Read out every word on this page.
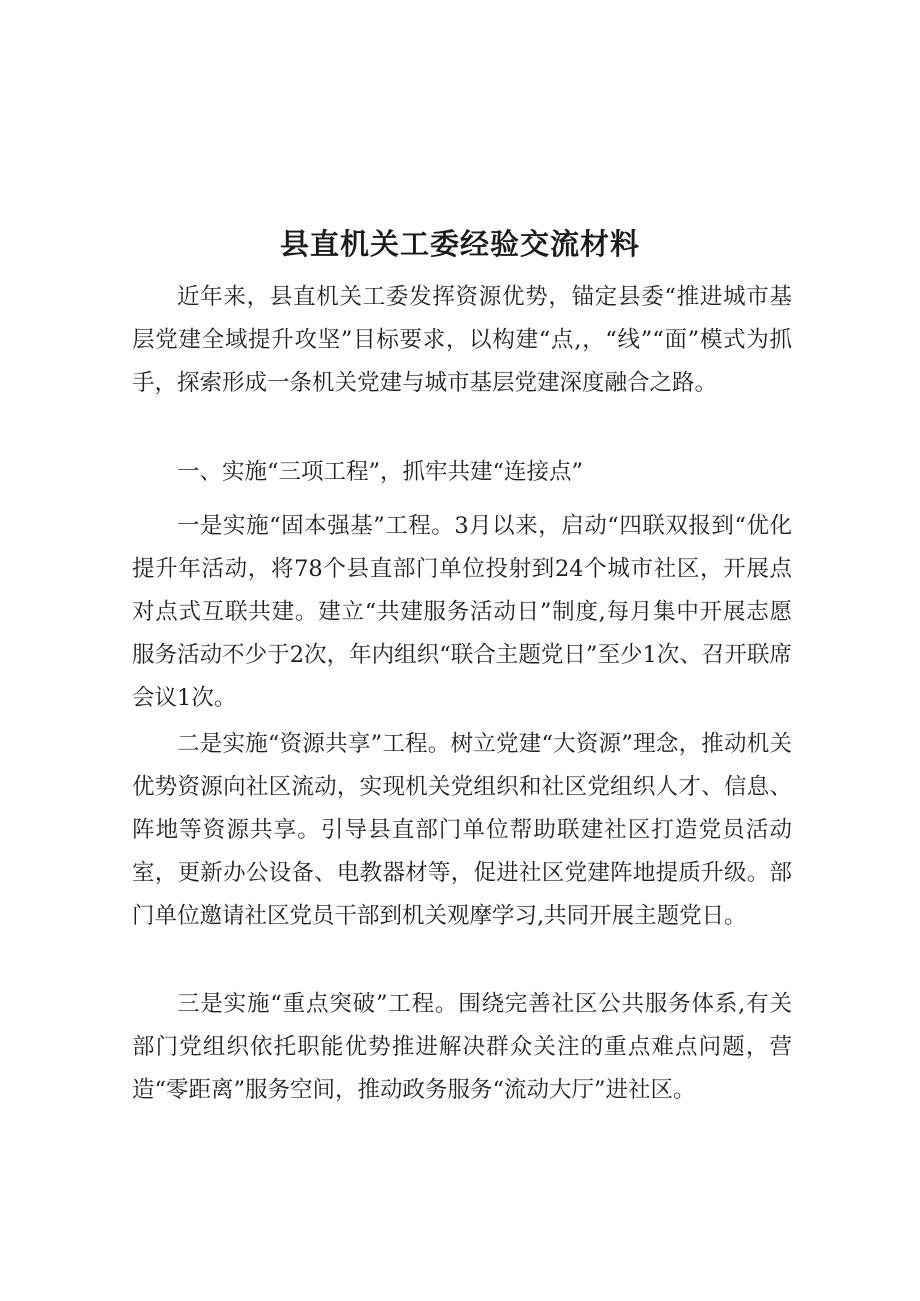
县直机关工委经验交流材料

近年来，县直机关工委发挥资源优势，锚定县委“推进城市基层党建全域提升攻坚”目标要求，以构建“点,，“线”“面”模式为抓手，探索形成一条机关党建与城市基层党建深度融合之路。

一、实施“三项工程”，抓牢共建“连接点”

一是实施“固本强基”工程。3月以来，启动“四联双报到“优化提升年活动，将78个县直部门单位投射到24个城市社区，开展点对点式互联共建。建立“共建服务活动日”制度,每月集中开展志愿服务活动不少于2次，年内组织“联合主题党日”至少1次、召开联席会议1次。

二是实施“资源共享”工程。树立党建“大资源”理念，推动机关优势资源向社区流动，实现机关党组织和社区党组织人才、信息、阵地等资源共享。引导县直部门单位帮助联建社区打造党员活动室，更新办公设备、电教器材等，促进社区党建阵地提质升级。部门单位邀请社区党员干部到机关观摩学习,共同开展主题党日。

三是实施“重点突破”工程。围绕完善社区公共服务体系,有关部门党组织依托职能优势推进解决群众关注的重点难点问题，营造“零距离”服务空间，推动政务服务“流动大厅”进社区。
